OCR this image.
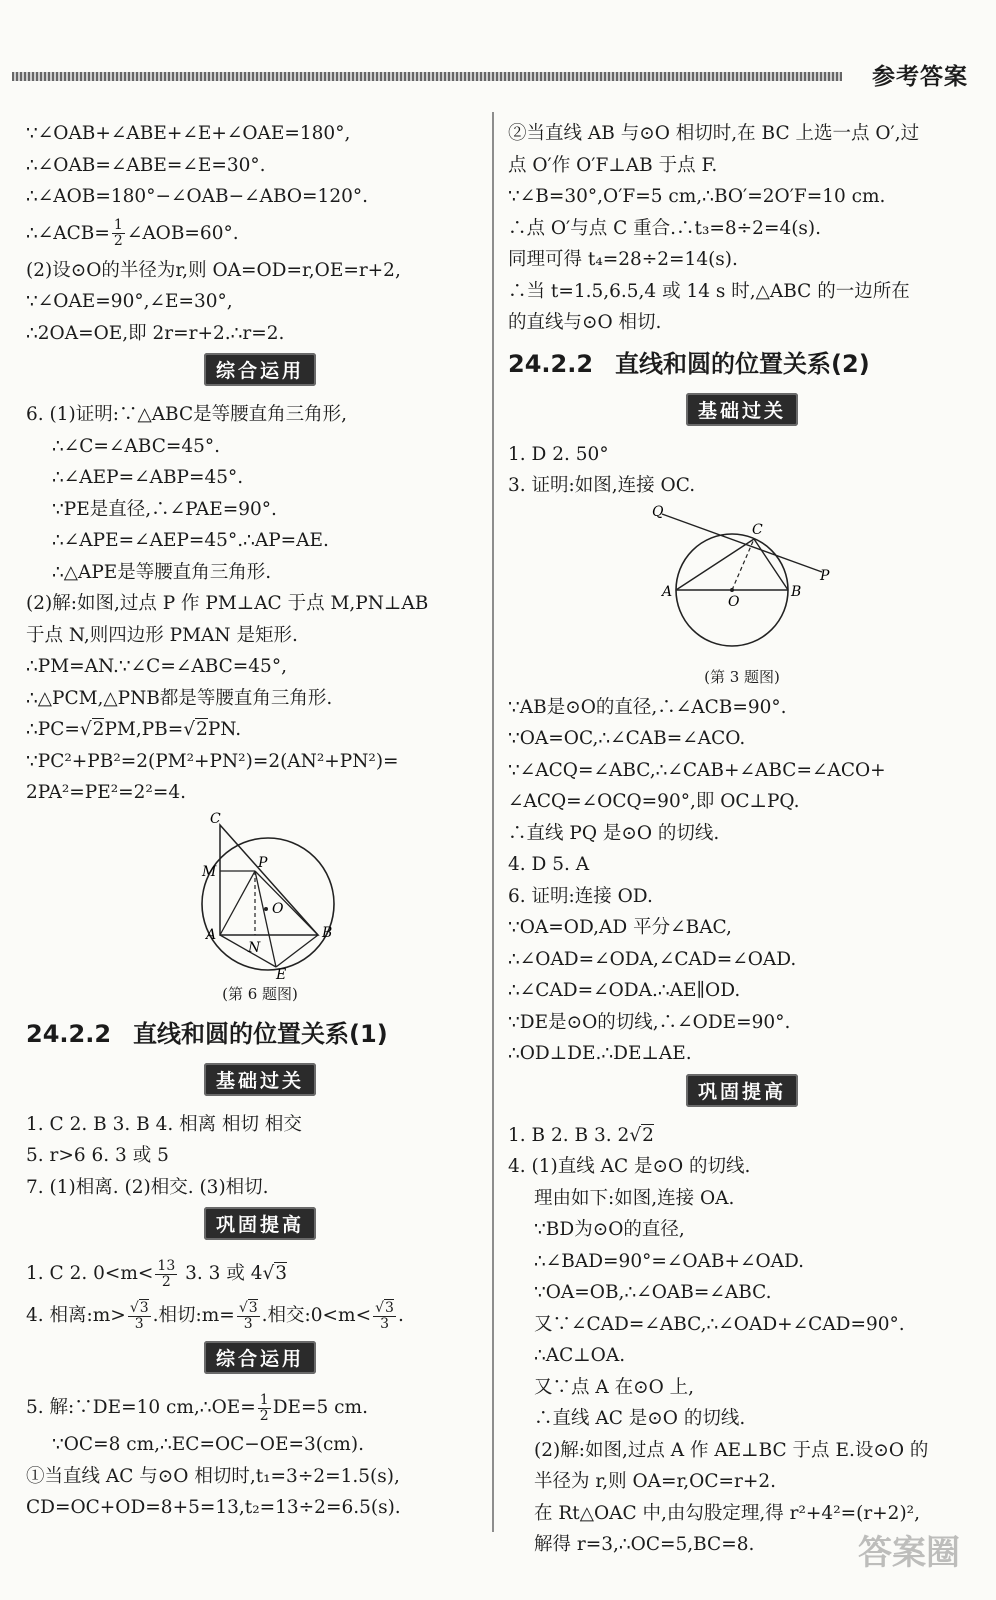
参考答案
∵∠OAB+∠ABE+∠E+∠OAE=180°,
∴∠OAB=∠ABE=∠E=30°.
∴∠AOB=180°−∠OAB−∠ABO=120°.
∴∠ACB= $\frac{1}{2}$ ∠AOB=60°.
(2)设⊙O的半径为r,则 OA=OD=r,OE=r+2,
∵∠OAE=90°,∠E=30°,
∴2OA=OE,即 2r=r+2.∴r=2.
综合运用
6. (1)证明:∵△ABC是等腰直角三角形,
∴∠C=∠ABC=45°.
∴∠AEP=∠ABP=45°.
∵PE是直径,∴∠PAE=90°.
∴∠APE=∠AEP=45°.∴AP=AE.
∴△APE是等腰直角三角形.
(2)解:如图,过点 P 作 PM⊥AC 于点 M,PN⊥AB
于点 N,则四边形 PMAN 是矩形.
∴PM=AN.∵∠C=∠ABC=45°,
∴△PCM,△PNB都是等腰直角三角形.
∴PC=√2PM,PB=√2PN.
∵PC²+PB²=2(PM²+PN²)=2(AN²+PN²)=
2PA²=PE²=2²=4.
C
P
M
O
A
N
B
E
(第 6 题图)
24.2.2 直线和圆的位置关系(1)
基础过关
1. C 2. B 3. B 4. 相离 相切 相交
5. r>6 6. 3 或 5
7. (1)相离. (2)相交. (3)相切.
巩固提高
1. C 2. $0<m< \frac{13}{2} 3$. 3 或 4√3
4. 相离:m> $\frac{√3}{3}$ .相切:m= $\frac{√3}{3}$ .相交:0<m< $\frac{√3}{3}$ .
综合运用
5. 解:∵DE=10 cm,∴OE= $\frac{1}{2} DE=5$ cm.
∵OC=8 cm,∴EC=OC−OE=3(cm).
①当直线 AC 与⊙O 相切时,t₁=3÷2=1.5(s),
CD=OC+OD=8+5=13,t₂=13÷2=6.5(s).
②当直线 AB 与⊙O 相切时,在 BC 上选一点 O′,过
点 O′作 O′F⊥AB 于点 F.
∵∠B=30°,O′F=5 cm,∴BO′=2O′F=10 cm.
∴点 O′与点 C 重合.∴t₃=8÷2=4(s).
同理可得 t₄=28÷2=14(s).
∴当 t=1.5,6.5,4 或 14 s 时,△ABC 的一边所在
的直线与⊙O 相切.
24.2.2 直线和圆的位置关系(2)
基础过关
1. D 2. 50°
3. 证明:如图,连接 OC.
Q
C
P
A
O
B
(第 3 题图)
∵AB是⊙O的直径,∴∠ACB=90°.
∵OA=OC,∴∠CAB=∠ACO.
∵∠ACQ=∠ABC,∴∠CAB+∠ABC=∠ACO+
∠ACQ=∠OCQ=90°,即 OC⊥PQ.
∴直线 PQ 是⊙O 的切线.
4. D 5. A
6. 证明:连接 OD.
∵OA=OD,AD 平分∠BAC,
∴∠OAD=∠ODA,∠CAD=∠OAD.
∴∠CAD=∠ODA.∴AE∥OD.
∵DE是⊙O的切线,∴∠ODE=90°.
∴OD⊥DE.∴DE⊥AE.
巩固提高
1. B 2. B 3. 2√2
4. (1)直线 AC 是⊙O 的切线.
理由如下:如图,连接 OA.
∵BD为⊙O的直径,
∴∠BAD=90°=∠OAB+∠OAD.
∵OA=OB,∴∠OAB=∠ABC.
又∵∠CAD=∠ABC,∴∠OAD+∠CAD=90°.
∴AC⊥OA.
又∵点 A 在⊙O 上,
∴直线 AC 是⊙O 的切线.
(2)解:如图,过点 A 作 AE⊥BC 于点 E.设⊙O 的
半径为 r,则 OA=r,OC=r+2.
在 Rt△OAC 中,由勾股定理,得 r²+4²=(r+2)²,
解得 r=3,∴OC=5,BC=8.	答案圈
